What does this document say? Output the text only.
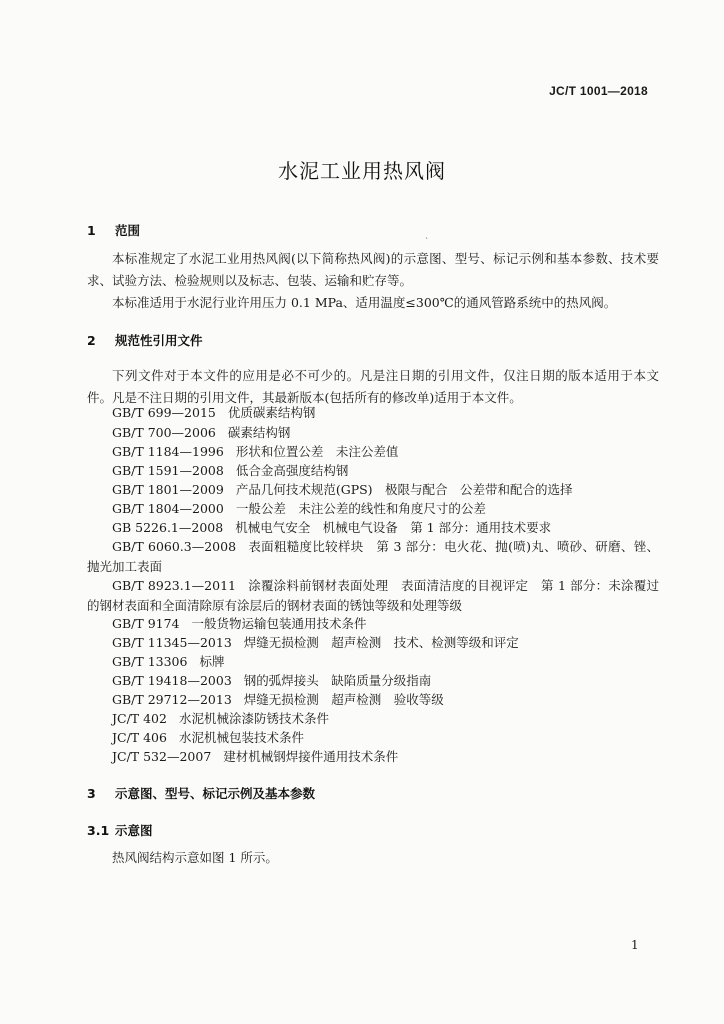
JC/T 1001—2018
水泥工业用热风阀
1 范围
ˋ
本标准规定了水泥工业用热风阀(以下简称热风阀)的示意图、型号、标记示例和基本参数、技术要求、试验方法、检验规则以及标志、包装、运输和贮存等。
本标准适用于水泥行业许用压力 0.1 MPa、适用温度≤300℃的通风管路系统中的热风阀。
2 规范性引用文件
下列文件对于本文件的应用是必不可少的。凡是注日期的引用文件，仅注日期的版本适用于本文件。凡是不注日期的引用文件，其最新版本(包括所有的修改单)适用于本文件。
GB/T 699—2015 优质碳素结构钢
GB/T 700—2006 碳素结构钢
GB/T 1184—1996 形状和位置公差　未注公差值
GB/T 1591—2008 低合金高强度结构钢
GB/T 1801—2009 产品几何技术规范(GPS)　极限与配合　公差带和配合的选择
GB/T 1804—2000 一般公差　未注公差的线性和角度尺寸的公差
GB 5226.1—2008 机械电气安全　机械电气设备　第 1 部分：通用技术要求
GB/T 6060.3—2008 表面粗糙度比较样块　第 3 部分：电火花、抛(喷)丸、喷砂、研磨、锉、抛光加工表面
GB/T 8923.1—2011 涂覆涂料前钢材表面处理　表面清洁度的目视评定　第 1 部分：未涂覆过的钢材表面和全面清除原有涂层后的钢材表面的锈蚀等级和处理等级
GB/T 9174 一般货物运输包装通用技术条件
GB/T 11345—2013 焊缝无损检测　超声检测　技术、检测等级和评定
GB/T 13306 标牌
GB/T 19418—2003 钢的弧焊接头　缺陷质量分级指南
GB/T 29712—2013 焊缝无损检测　超声检测　验收等级
JC/T 402 水泥机械涂漆防锈技术条件
JC/T 406 水泥机械包装技术条件
JC/T 532—2007 建材机械钢焊接件通用技术条件
3 示意图、型号、标记示例及基本参数
3.1 示意图
热风阀结构示意如图 1 所示。
1
